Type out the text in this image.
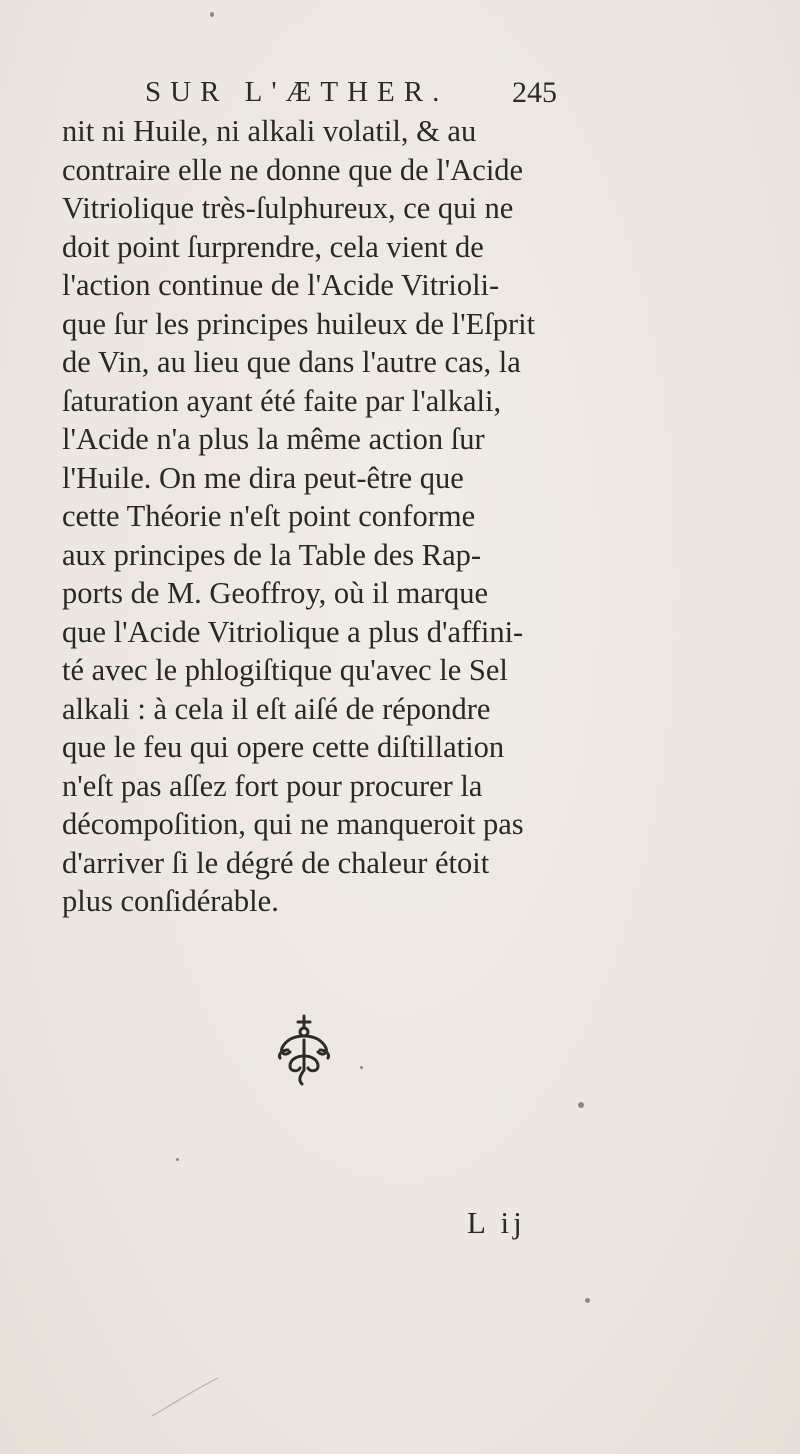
SUR L'ÆTHER.	245
nit ni Huile, ni alkali volatil, & au
contraire elle ne donne que de l'Acide
Vitriolique très-ſulphureux, ce qui ne
doit point ſurprendre, cela vient de
l'action continue de l'Acide Vitrioli-
que ſur les principes huileux de l'Eſprit
de Vin, au lieu que dans l'autre cas, la
ſaturation ayant été faite par l'alkali,
l'Acide n'a plus la même action ſur
l'Huile. On me dira peut-être que
cette Théorie n'eſt point conforme
aux principes de la Table des Rap-
ports de M. Geoffroy, où il marque
que l'Acide Vitriolique a plus d'affini-
té avec le phlogiſtique qu'avec le Sel
alkali : à cela il eſt aiſé de répondre
que le feu qui opere cette diſtillation
n'eſt pas aſſez fort pour procurer la
décompoſition, qui ne manqueroit pas
d'arriver ſi le dégré de chaleur étoit
plus conſidérable.
L ij
